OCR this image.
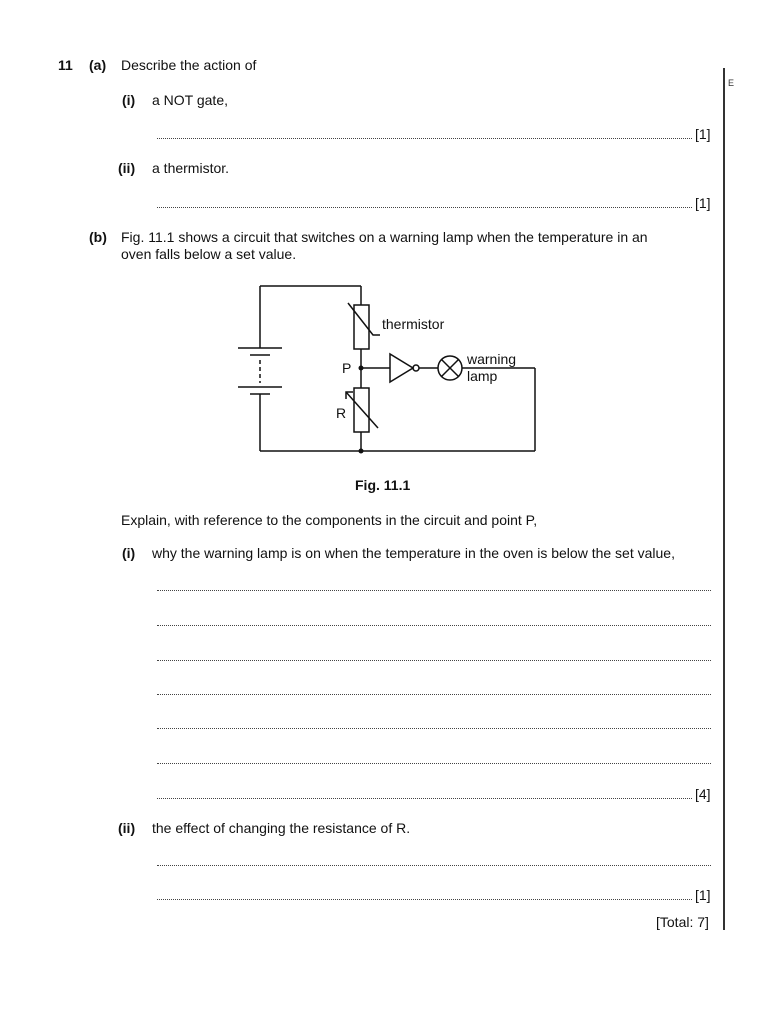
E
11 (a) Describe the action of
(i) a NOT gate,
[1]
(ii) a thermistor.
[1]
(b) Fig. 11.1 shows a circuit that switches on a warning lamp when the temperature in an
oven falls below a set value.
thermistor
P
R
warning
lamp
Fig. 11.1
Explain, with reference to the components in the circuit and point P,
(i) why the warning lamp is on when the temperature in the oven is below the set value,
[4]
(ii) the effect of changing the resistance of R.
[1]
[Total: 7]
